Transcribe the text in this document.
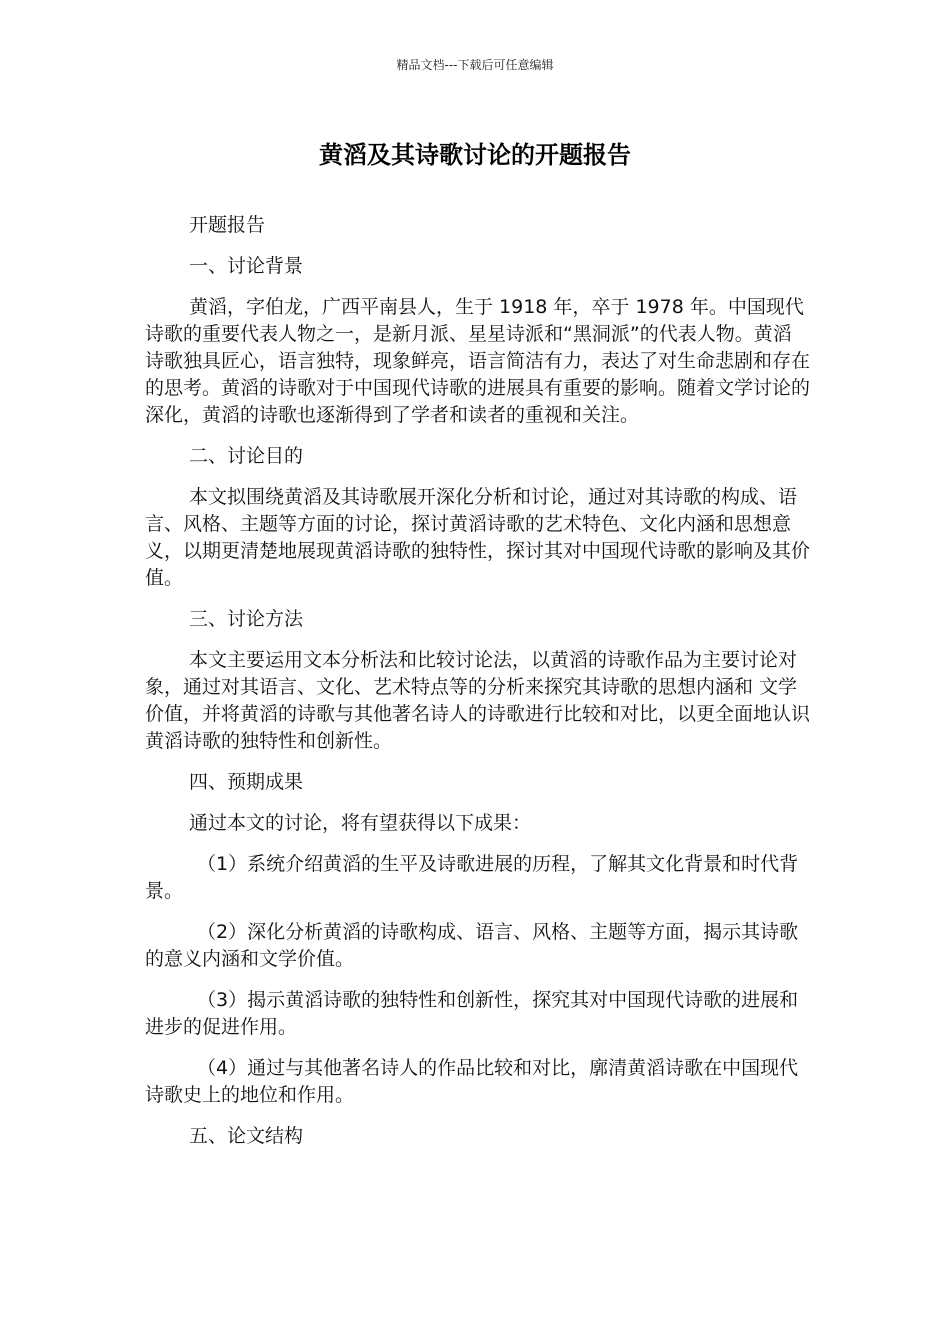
精品文档---下载后可任意编辑
黄滔及其诗歌讨论的开题报告

开题报告

一、讨论背景

黄滔，字伯龙，广西平南县人，生于 1918 年，卒于 1978 年。中国现代诗歌的重要代表人物之一，是新月派、星星诗派和“黑洞派”的代表人物。黄滔诗歌独具匠心，语言独特，现象鲜亮，语言简洁有力，表达了对生命悲剧和存在的思考。黄滔的诗歌对于中国现代诗歌的进展具有重要的影响。随着文学讨论的深化，黄滔的诗歌也逐渐得到了学者和读者的重视和关注。

二、讨论目的

本文拟围绕黄滔及其诗歌展开深化分析和讨论，通过对其诗歌的构成、语言、风格、主题等方面的讨论，探讨黄滔诗歌的艺术特色、文化内涵和思想意义，以期更清楚地展现黄滔诗歌的独特性，探讨其对中国现代诗歌的影响及其价值。

三、讨论方法

本文主要运用文本分析法和比较讨论法，以黄滔的诗歌作品为主要讨论对象，通过对其语言、文化、艺术特点等的分析来探究其诗歌的思想内涵和 文学价值，并将黄滔的诗歌与其他著名诗人的诗歌进行比较和对比，以更全面地认识黄滔诗歌的独特性和创新性。

四、预期成果

通过本文的讨论，将有望获得以下成果：

（1）系统介绍黄滔的生平及诗歌进展的历程，了解其文化背景和时代背景。

（2）深化分析黄滔的诗歌构成、语言、风格、主题等方面，揭示其诗歌的意义内涵和文学价值。

（3）揭示黄滔诗歌的独特性和创新性，探究其对中国现代诗歌的进展和进步的促进作用。

（4）通过与其他著名诗人的作品比较和对比，廓清黄滔诗歌在中国现代诗歌史上的地位和作用。

五、论文结构
